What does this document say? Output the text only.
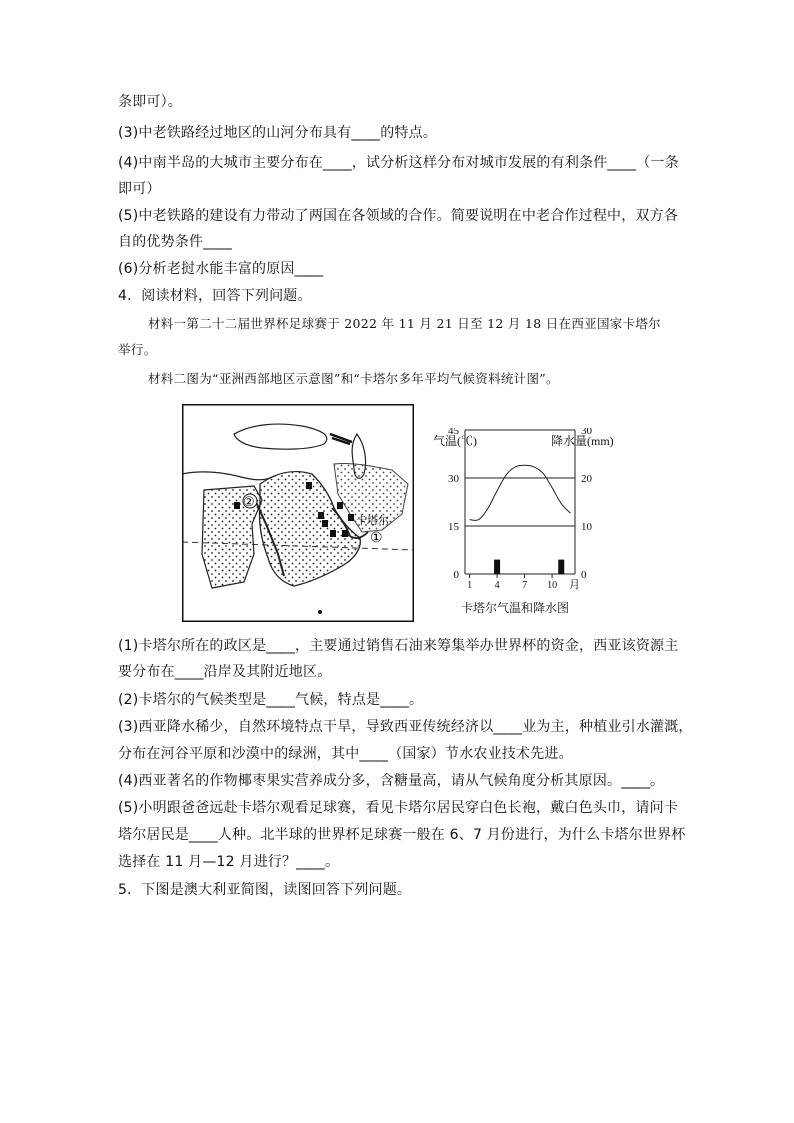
条即可）。
(3)中老铁路经过地区的山河分布具有____的特点。
(4)中南半岛的大城市主要分布在____，试分析这样分布对城市发展的有利条件____（一条
即可）
(5)中老铁路的建设有力带动了两国在各领域的合作。简要说明在中老合作过程中，双方各
自的优势条件____
(6)分析老挝水能丰富的原因____
4．阅读材料，回答下列问题。
材料一第二十二届世界杯足球赛于 2022 年 11 月 21 日至 12 月 18 日在西亚国家卡塔尔
举行。
材料二图为“亚洲西部地区示意图”和“卡塔尔多年平均气候资料统计图”。
②
卡塔尔
①
气温(℃)	降水量(mm)
0
15
30
45
0
10
20
30
1 4 7 10 月
卡塔尔气温和降水图
(1)卡塔尔所在的政区是____，主要通过销售石油来筹集举办世界杯的资金，西亚该资源主
要分布在____沿岸及其附近地区。
(2)卡塔尔的气候类型是____气候，特点是____。
(3)西亚降水稀少，自然环境特点干旱，导致西亚传统经济以____业为主，种植业引水灌溉，
分布在河谷平原和沙漠中的绿洲，其中____（国家）节水农业技术先进。
(4)西亚著名的作物椰枣果实营养成分多，含糖量高，请从气候角度分析其原因。____。
(5)小明跟爸爸远赴卡塔尔观看足球赛，看见卡塔尔居民穿白色长袍，戴白色头巾，请问卡
塔尔居民是____人种。北半球的世界杯足球赛一般在 6、7 月份进行，为什么卡塔尔世界杯
选择在 11 月—12 月进行？____。
5．下图是澳大利亚简图，读图回答下列问题。
